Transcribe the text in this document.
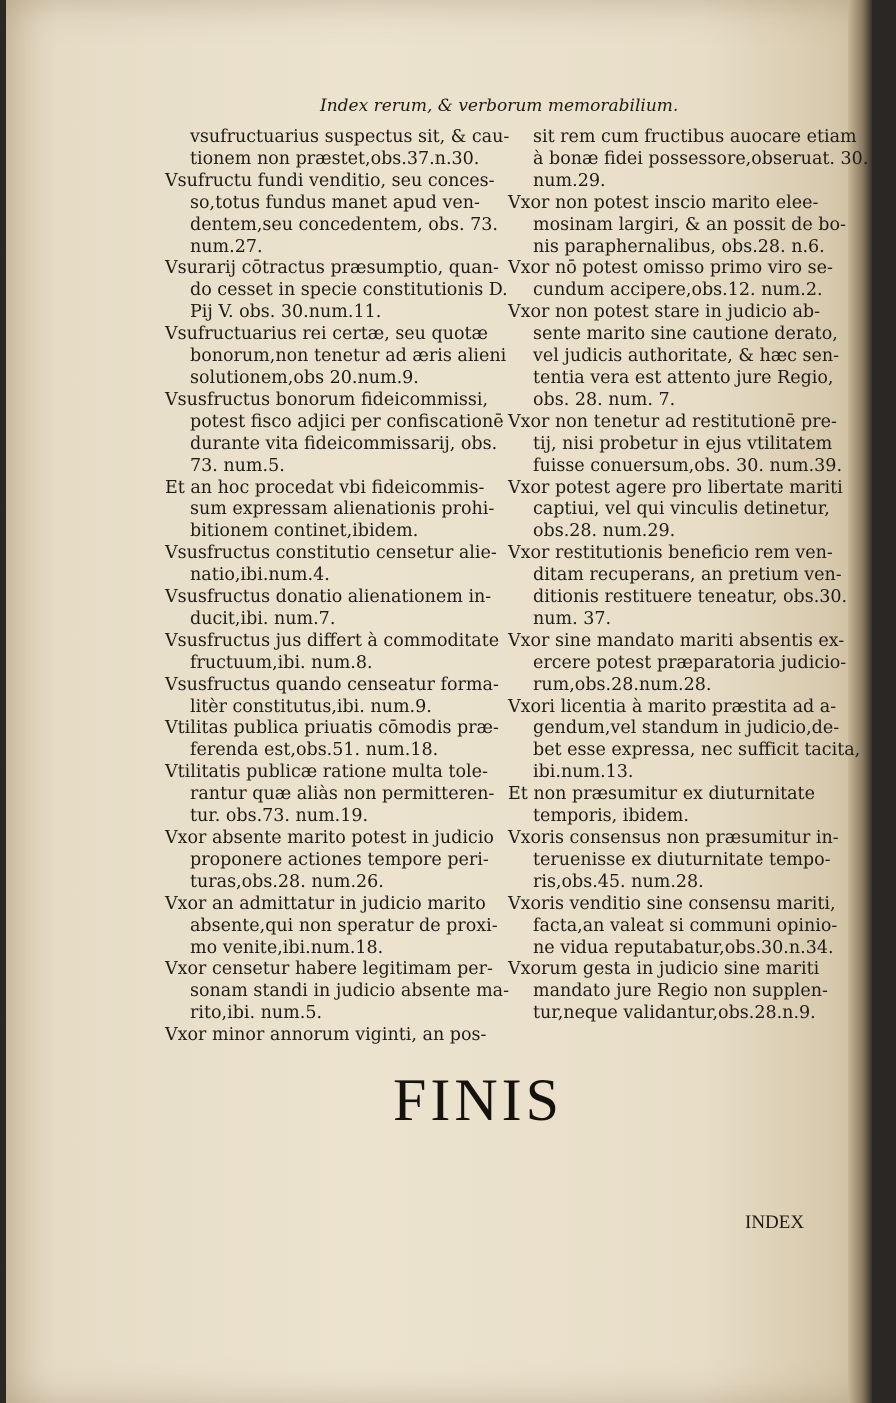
Index rerum, & verborum memorabilium.
vsufructuarius suspectus sit, & cau-
tionem non præstet,obs.37.n.30.
Vsufructu fundi venditio, seu conces-
so,totus fundus manet apud ven-
dentem,seu concedentem, obs. 73.
num.27.
Vsurarij cōtractus præsumptio, quan-
do cesset in specie constitutionis D.
Pij V. obs. 30.num.11.
Vsufructuarius rei certæ, seu quotæ
bonorum,non tenetur ad æris alieni
solutionem,obs 20.num.9.
Vsusfructus bonorum fideicommissi,
potest fisco adjici per confiscationē
durante vita fideicommissarij, obs.
73. num.5.
Et an hoc procedat vbi fideicommis-
sum expressam alienationis prohi-
bitionem continet,ibidem.
Vsusfructus constitutio censetur alie-
natio,ibi.num.4.
Vsusfructus donatio alienationem in-
ducit,ibi. num.7.
Vsusfructus jus differt à commoditate
fructuum,ibi. num.8.
Vsusfructus quando censeatur forma-
litèr constitutus,ibi. num.9.
Vtilitas publica priuatis cōmodis præ-
ferenda est,obs.51. num.18.
Vtilitatis publicæ ratione multa tole-
rantur quæ aliàs non permitteren-
tur. obs.73. num.19.
Vxor absente marito potest in judicio
proponere actiones tempore peri-
turas,obs.28. num.26.
Vxor an admittatur in judicio marito
absente,qui non speratur de proxi-
mo venite,ibi.num.18.
Vxor censetur habere legitimam per-
sonam standi in judicio absente ma-
rito,ibi. num.5.
Vxor minor annorum viginti, an pos-
sit rem cum fructibus auocare etiam
à bonæ fidei possessore,obseruat. 30.
num.29.
Vxor non potest inscio marito elee-
mosinam largiri, & an possit de bo-
nis paraphernalibus, obs.28. n.6.
Vxor nō potest omisso primo viro se-
cundum accipere,obs.12. num.2.
Vxor non potest stare in judicio ab-
sente marito sine cautione derato,
vel judicis authoritate, & hæc sen-
tentia vera est attento jure Regio,
obs. 28. num. 7.
Vxor non tenetur ad restitutionē pre-
tij, nisi probetur in ejus vtilitatem
fuisse conuersum,obs. 30. num.39.
Vxor potest agere pro libertate mariti
captiui, vel qui vinculis detinetur,
obs.28. num.29.
Vxor restitutionis beneficio rem ven-
ditam recuperans, an pretium ven-
ditionis restituere teneatur, obs.30.
num. 37.
Vxor sine mandato mariti absentis ex-
ercere potest præparatoria judicio-
rum,obs.28.num.28.
Vxori licentia à marito præstita ad a-
gendum,vel standum in judicio,de-
bet esse expressa, nec sufficit tacita,
ibi.num.13.
Et non præsumitur ex diuturnitate
temporis, ibidem.
Vxoris consensus non præsumitur in-
teruenisse ex diuturnitate tempo-
ris,obs.45. num.28.
Vxoris venditio sine consensu mariti,
facta,an valeat si communi opinio-
ne vidua reputabatur,obs.30.n.34.
Vxorum gesta in judicio sine mariti
mandato jure Regio non supplen-
tur,neque validantur,obs.28.n.9.
FINIS
INDEX
